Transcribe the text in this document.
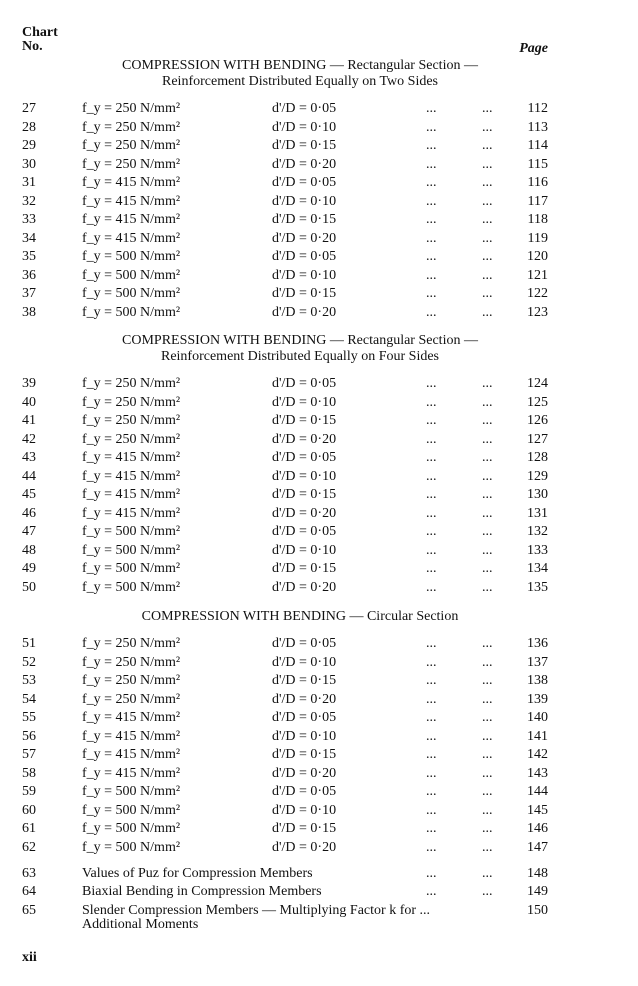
Chart
No.	Page
COMPRESSION WITH BENDING — Rectangular Section —
Reinforcement Distributed Equally on Two Sides
COMPRESSION WITH BENDING — Rectangular Section —
Reinforcement Distributed Equally on Four Sides
COMPRESSION WITH BENDING — Circular Section
27	f_y = 250 N/mm²	d'/D = 0·05	...	...	112
28	f_y = 250 N/mm²	d'/D = 0·10	...	...	113
29	f_y = 250 N/mm²	d'/D = 0·15	...	...	114
30	f_y = 250 N/mm²	d'/D = 0·20	...	...	115
31	f_y = 415 N/mm²	d'/D = 0·05	...	...	116
32	f_y = 415 N/mm²	d'/D = 0·10	...	...	117
33	f_y = 415 N/mm²	d'/D = 0·15	...	...	118
34	f_y = 415 N/mm²	d'/D = 0·20	...	...	119
35	f_y = 500 N/mm²	d'/D = 0·05	...	...	120
36	f_y = 500 N/mm²	d'/D = 0·10	...	...	121
37	f_y = 500 N/mm²	d'/D = 0·15	...	...	122
38	f_y = 500 N/mm²	d'/D = 0·20	...	...	123
39	f_y = 250 N/mm²	d'/D = 0·05	...	...	124
40	f_y = 250 N/mm²	d'/D = 0·10	...	...	125
41	f_y = 250 N/mm²	d'/D = 0·15	...	...	126
42	f_y = 250 N/mm²	d'/D = 0·20	...	...	127
43	f_y = 415 N/mm²	d'/D = 0·05	...	...	128
44	f_y = 415 N/mm²	d'/D = 0·10	...	...	129
45	f_y = 415 N/mm²	d'/D = 0·15	...	...	130
46	f_y = 415 N/mm²	d'/D = 0·20	...	...	131
47	f_y = 500 N/mm²	d'/D = 0·05	...	...	132
48	f_y = 500 N/mm²	d'/D = 0·10	...	...	133
49	f_y = 500 N/mm²	d'/D = 0·15	...	...	134
50	f_y = 500 N/mm²	d'/D = 0·20	...	...	135
51	f_y = 250 N/mm²	d'/D = 0·05	...	...	136
52	f_y = 250 N/mm²	d'/D = 0·10	...	...	137
53	f_y = 250 N/mm²	d'/D = 0·15	...	...	138
54	f_y = 250 N/mm²	d'/D = 0·20	...	...	139
55	f_y = 415 N/mm²	d'/D = 0·05	...	...	140
56	f_y = 415 N/mm²	d'/D = 0·10	...	...	141
57	f_y = 415 N/mm²	d'/D = 0·15	...	...	142
58	f_y = 415 N/mm²	d'/D = 0·20	...	...	143
59	f_y = 500 N/mm²	d'/D = 0·05	...	...	144
60	f_y = 500 N/mm²	d'/D = 0·10	...	...	145
61	f_y = 500 N/mm²	d'/D = 0·15	...	...	146
62	f_y = 500 N/mm²	d'/D = 0·20	...	...	147
63	Values of Puz for Compression Members	...	...	148
64	Biaxial Bending in Compression Members	...	...	149
65	Slender Compression Members — Multiplying Factor k for ...	150
Additional Moments
xii
